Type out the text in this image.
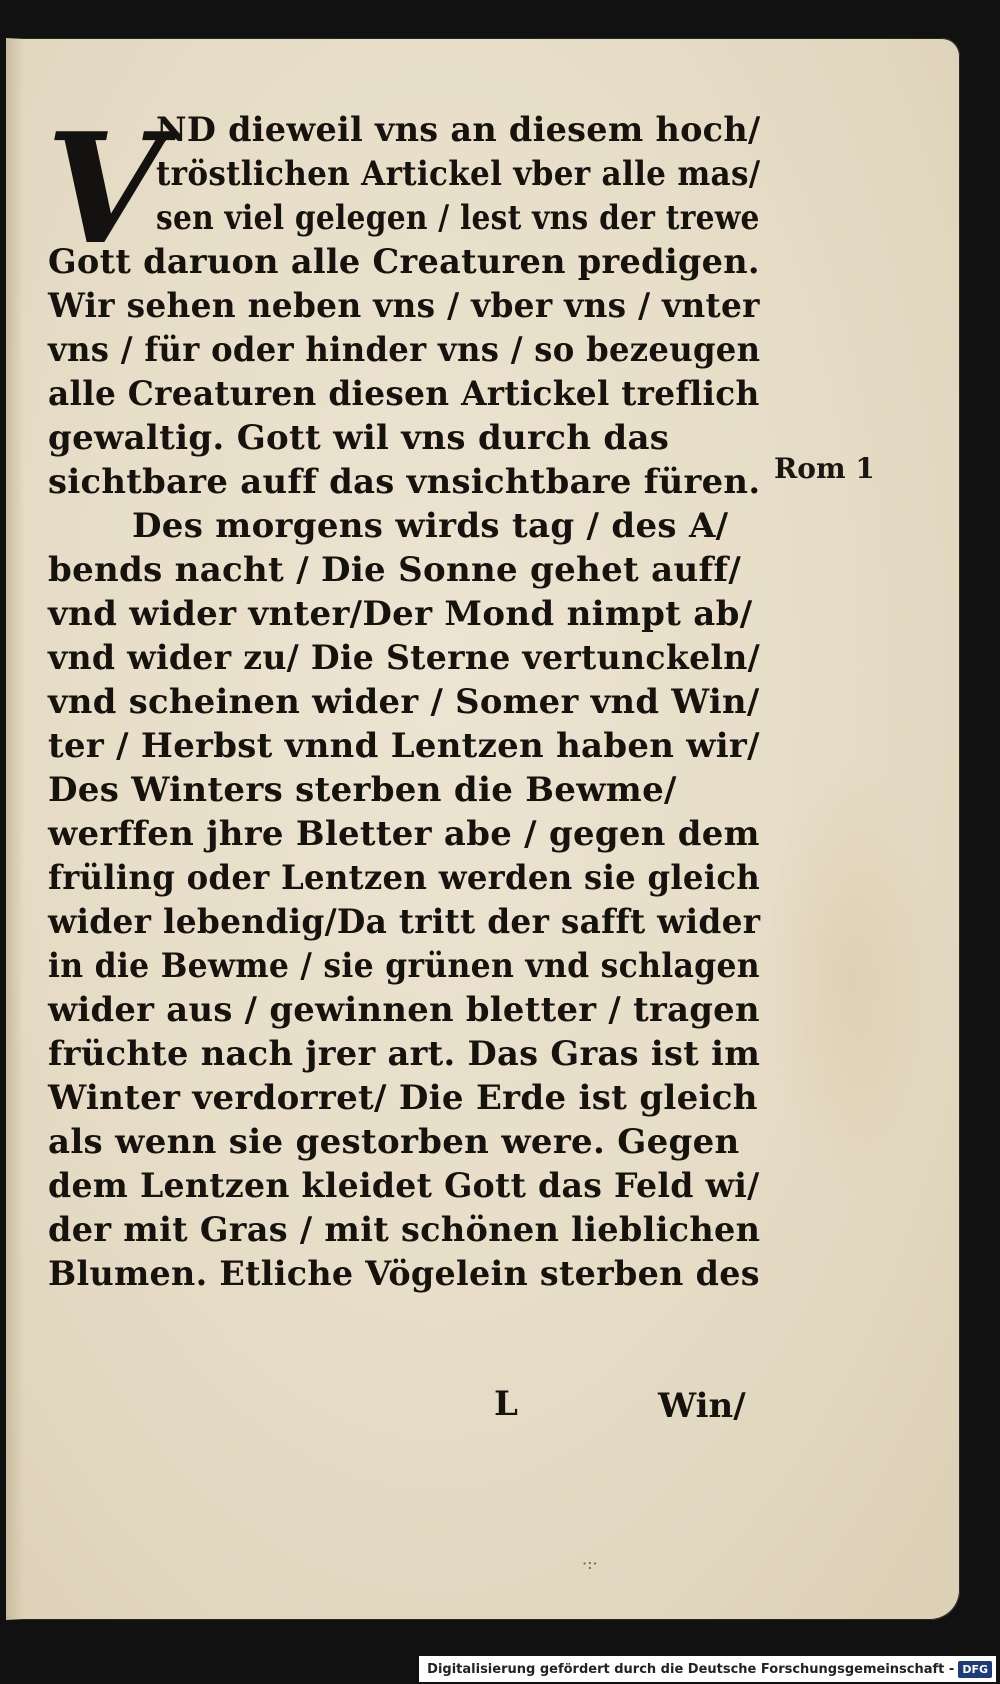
V
ND dieweil vns an diesem hoch/
tröstlichen Artickel vber alle mas/
sen viel gelegen / lest vns der trewe
Gott daruon alle Creaturen predigen.
Wir sehen neben vns / vber vns / vnter
vns / für oder hinder vns / so bezeugen
alle Creaturen diesen Artickel treflich
gewaltig. Gott wil vns durch das
sichtbare auff das vnsichtbare füren.
Des morgens wirds tag / des A/
bends nacht / Die Sonne gehet auff/
vnd wider vnter/Der Mond nimpt ab/
vnd wider zu/ Die Sterne vertunckeln/
vnd scheinen wider / Somer vnd Win/
ter / Herbst vnnd Lentzen haben wir/
Des Winters sterben die Bewme/
werffen jhre Bletter abe / gegen dem
früling oder Lentzen werden sie gleich
wider lebendig/Da tritt der safft wider
in die Bewme / sie grünen vnd schlagen
wider aus / gewinnen bletter / tragen
früchte nach jrer art. Das Gras ist im
Winter verdorret/ Die Erde ist gleich
als wenn sie gestorben were. Gegen
dem Lentzen kleidet Gott das Feld wi/
der mit Gras / mit schönen lieblichen
Blumen. Etliche Vögelein sterben des
Rom 1
L	Win/
·:·
Digitalisierung gefördert durch die Deutsche Forschungsgemeinschaft - DFG
